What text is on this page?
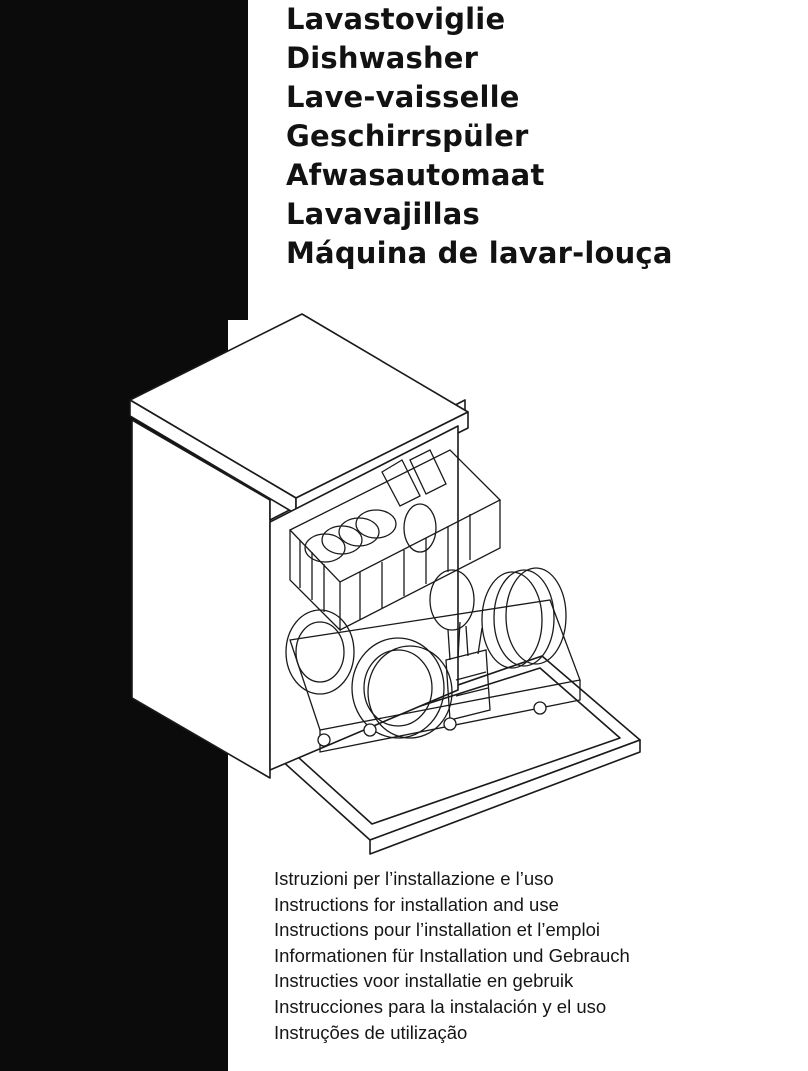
Lavastoviglie
Dishwasher
Lave-vaisselle
Geschirrspüler
Afwasautomaat
Lavavajillas
Máquina de lavar-louça
Istruzioni per l’installazione e l’uso
Instructions for installation and use
Instructions pour l’installation et l’emploi
Informationen für Installation und Gebrauch
Instructies voor installatie en gebruik
Instrucciones para la instalación y el uso
Instruções de utilização
